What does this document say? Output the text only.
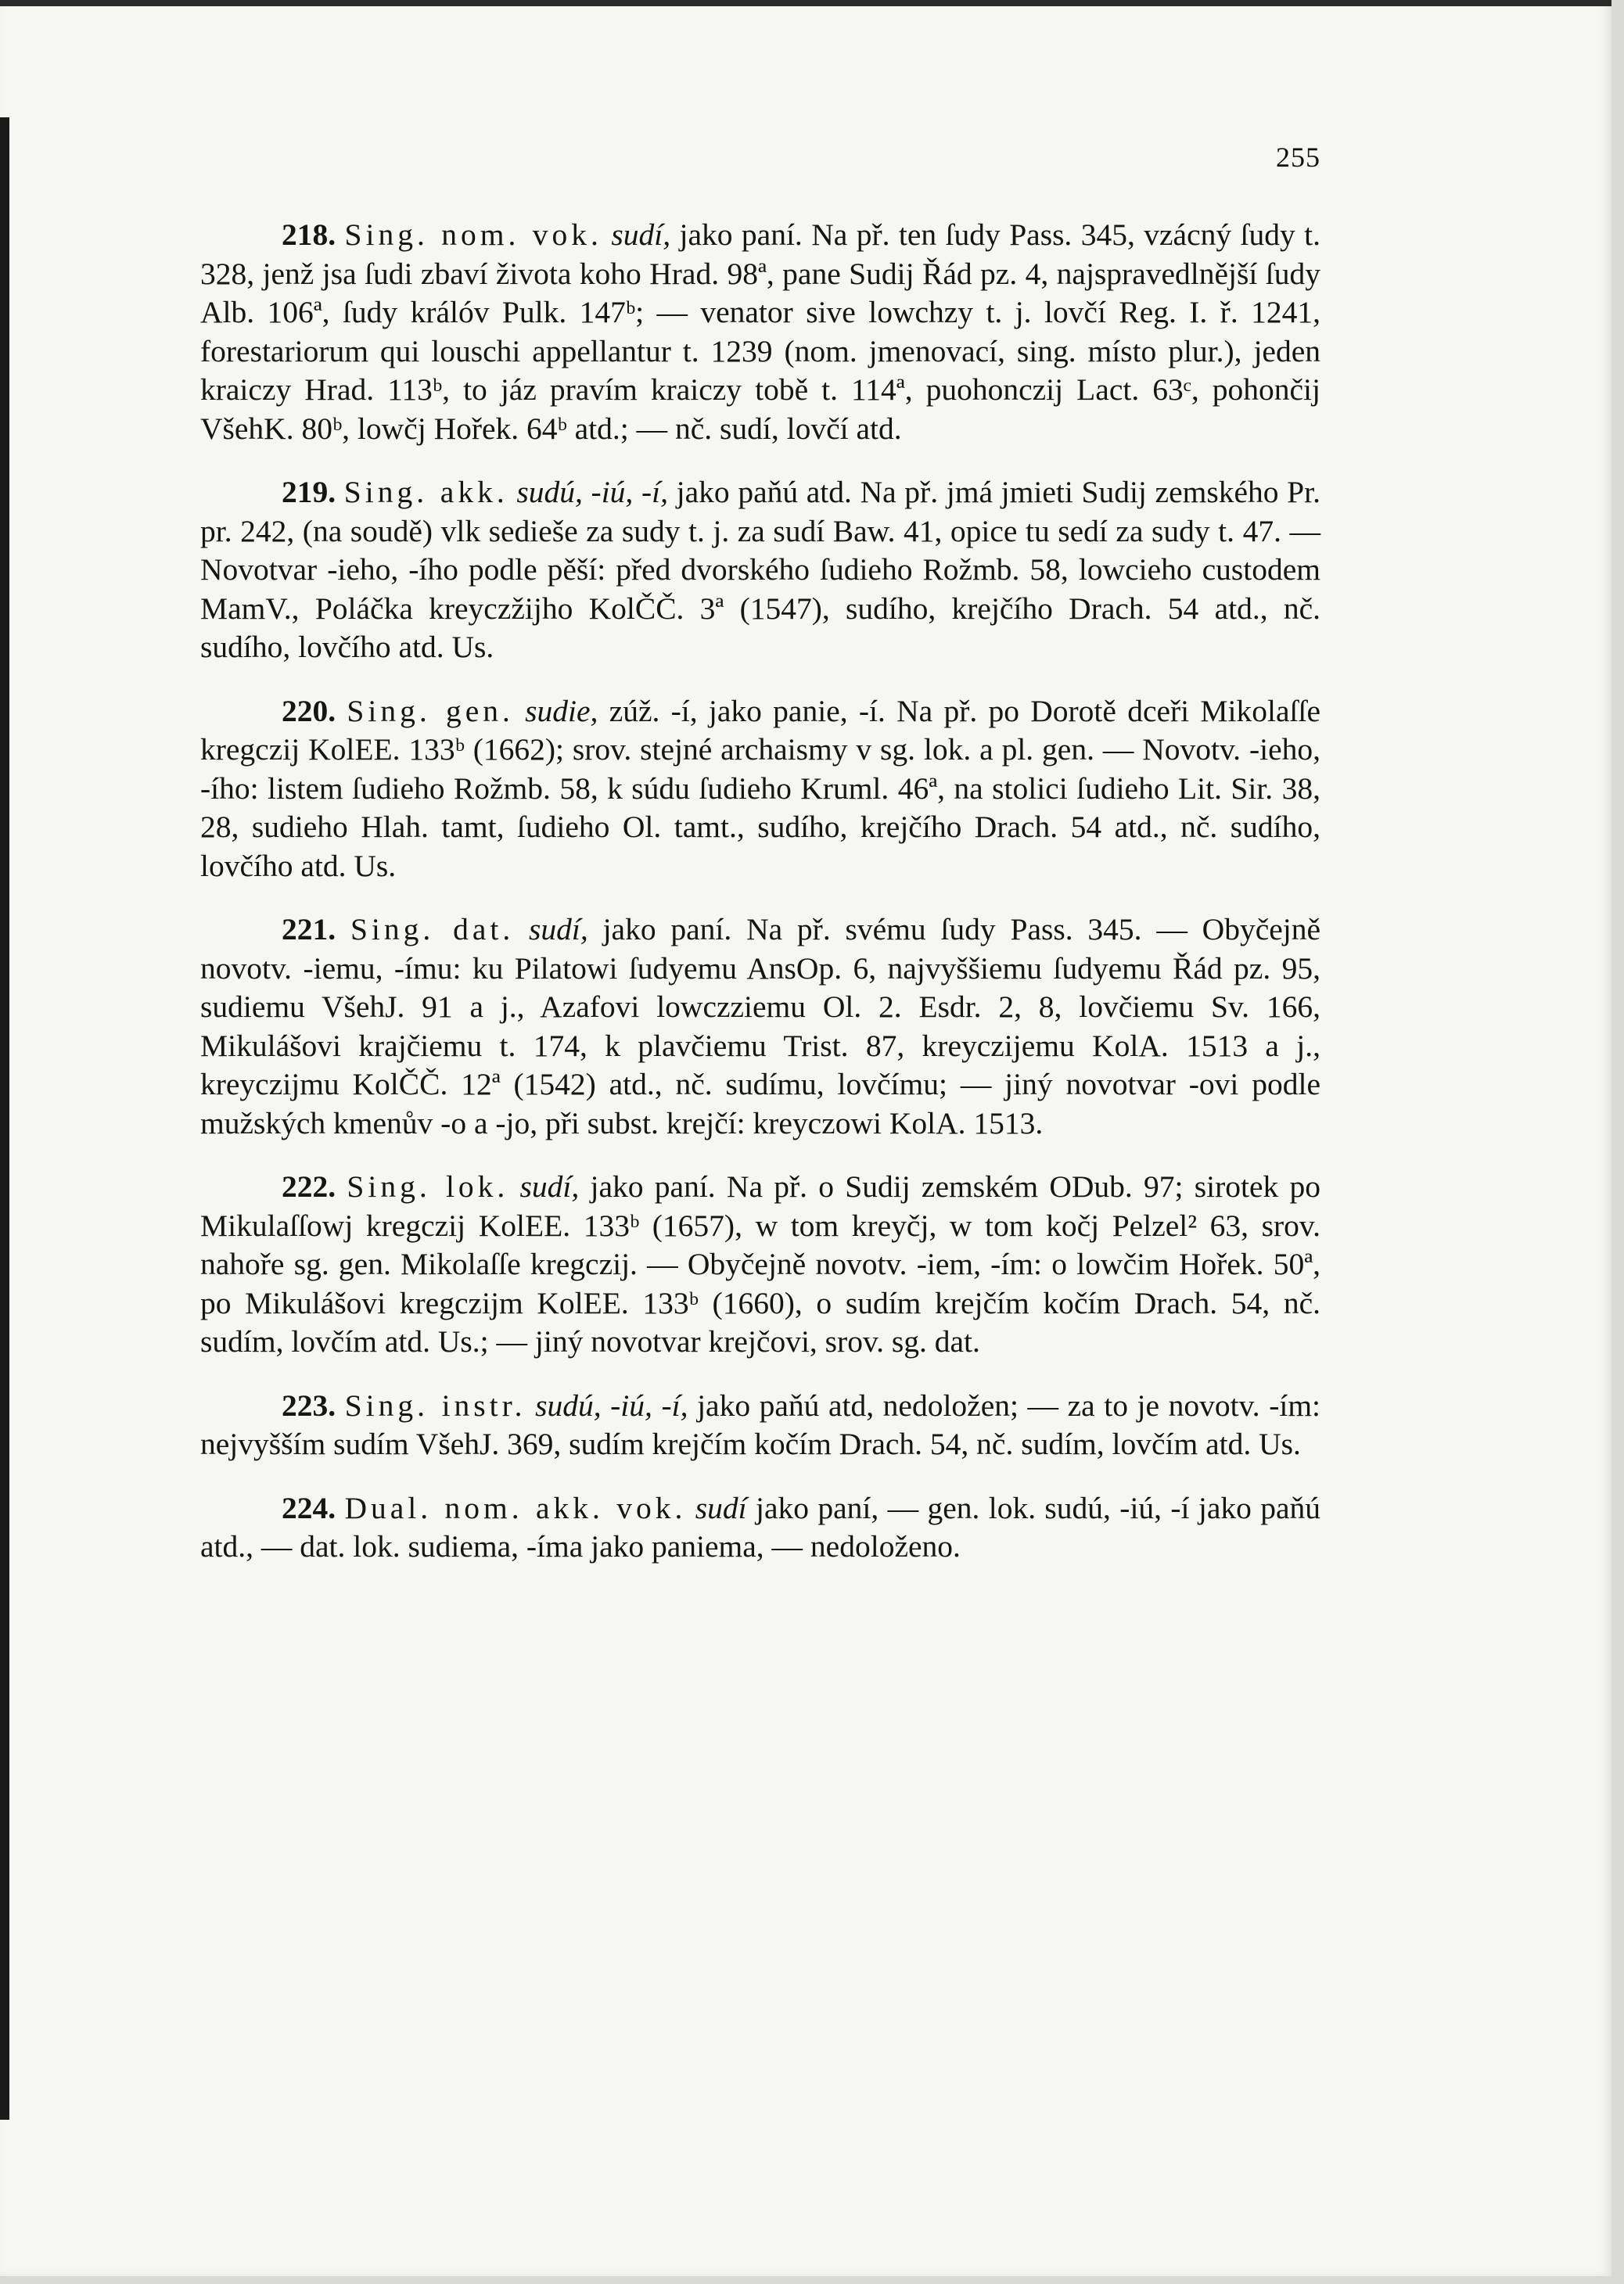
255

218. Sing. nom. vok. sudí, jako paní. Na př. ten ſudy Pass. 345, vzácný ſudy t. 328, jenž jsa ſudi zbaví života koho Hrad. 98ª, pane Sudij Řád pz. 4, najspravedlnější ſudy Alb. 106ª, ſudy králóv Pulk. 147ᵇ; — venator sive lowchzy t. j. lovčí Reg. I. ř. 1241, forestariorum qui louschi appellantur t. 1239 (nom. jmenovací, sing. místo plur.), jeden kraiczy Hrad. 113ᵇ, to jáz pravím kraiczy tobě t. 114ª, puohonczij Lact. 63ᶜ, pohončij VšehK. 80ᵇ, lowčj Hořek. 64ᵇ atd.; — nč. sudí, lovčí atd.

219. Sing. akk. sudú, -iú, -í, jako paňú atd. Na př. jmá jmieti Sudij zemského Pr. pr. 242, (na soudě) vlk sedieše za sudy t. j. za sudí Baw. 41, opice tu sedí za sudy t. 47. — Novotvar -ieho, -ího podle pěší: před dvorského ſudieho Rožmb. 58, lowcieho custodem MamV., Poláčka kreyczžijho KolČČ. 3ª (1547), sudího, krejčího Drach. 54 atd., nč. sudího, lovčího atd. Us.

220. Sing. gen. sudie, zúž. -í, jako panie, -í. Na př. po Dorotě dceři Mikolaſſe kregczij KolEE. 133ᵇ (1662); srov. stejné archaismy v sg. lok. a pl. gen. — Novotv. -ieho, -ího: listem ſudieho Rožmb. 58, k súdu ſudieho Kruml. 46ª, na stolici ſudieho Lit. Sir. 38, 28, sudieho Hlah. tamt, ſudieho Ol. tamt., sudího, krejčího Drach. 54 atd., nč. sudího, lovčího atd. Us.

221. Sing. dat. sudí, jako paní. Na př. svému ſudy Pass. 345. — Obyčejně novotv. -iemu, -ímu: ku Pilatowi ſudyemu AnsOp. 6, najvyššiemu ſudyemu Řád pz. 95, sudiemu VšehJ. 91 a j., Azafovi lowczziemu Ol. 2. Esdr. 2, 8, lovčiemu Sv. 166, Mikulášovi krajčiemu t. 174, k plavčiemu Trist. 87, kreyczijemu KolA. 1513 a j., kreyczijmu KolČČ. 12ª (1542) atd., nč. sudímu, lovčímu; — jiný novotvar -ovi podle mužských kmenův -o a -jo, při subst. krejčí: kreyczowi KolA. 1513.

222. Sing. lok. sudí, jako paní. Na př. o Sudij zemském ODub. 97; sirotek po Mikulaſſowj kregczij KolEE. 133ᵇ (1657), w tom kreyčj, w tom kočj Pelzel² 63, srov. nahoře sg. gen. Mikolaſſe kregczij. — Obyčejně novotv. -iem, -ím: o lowčim Hořek. 50ª, po Mikulášovi kregczijm KolEE. 133ᵇ (1660), o sudím krejčím kočím Drach. 54, nč. sudím, lovčím atd. Us.; — jiný novotvar krejčovi, srov. sg. dat.

223. Sing. instr. sudú, -iú, -í, jako paňú atd, nedoložen; — za to je novotv. -ím: nejvyšším sudím VšehJ. 369, sudím krejčím kočím Drach. 54, nč. sudím, lovčím atd. Us.

224. Dual. nom. akk. vok. sudí jako paní, — gen. lok. sudú, -iú, -í jako paňú atd., — dat. lok. sudiema, -íma jako paniema, — nedoloženo.
